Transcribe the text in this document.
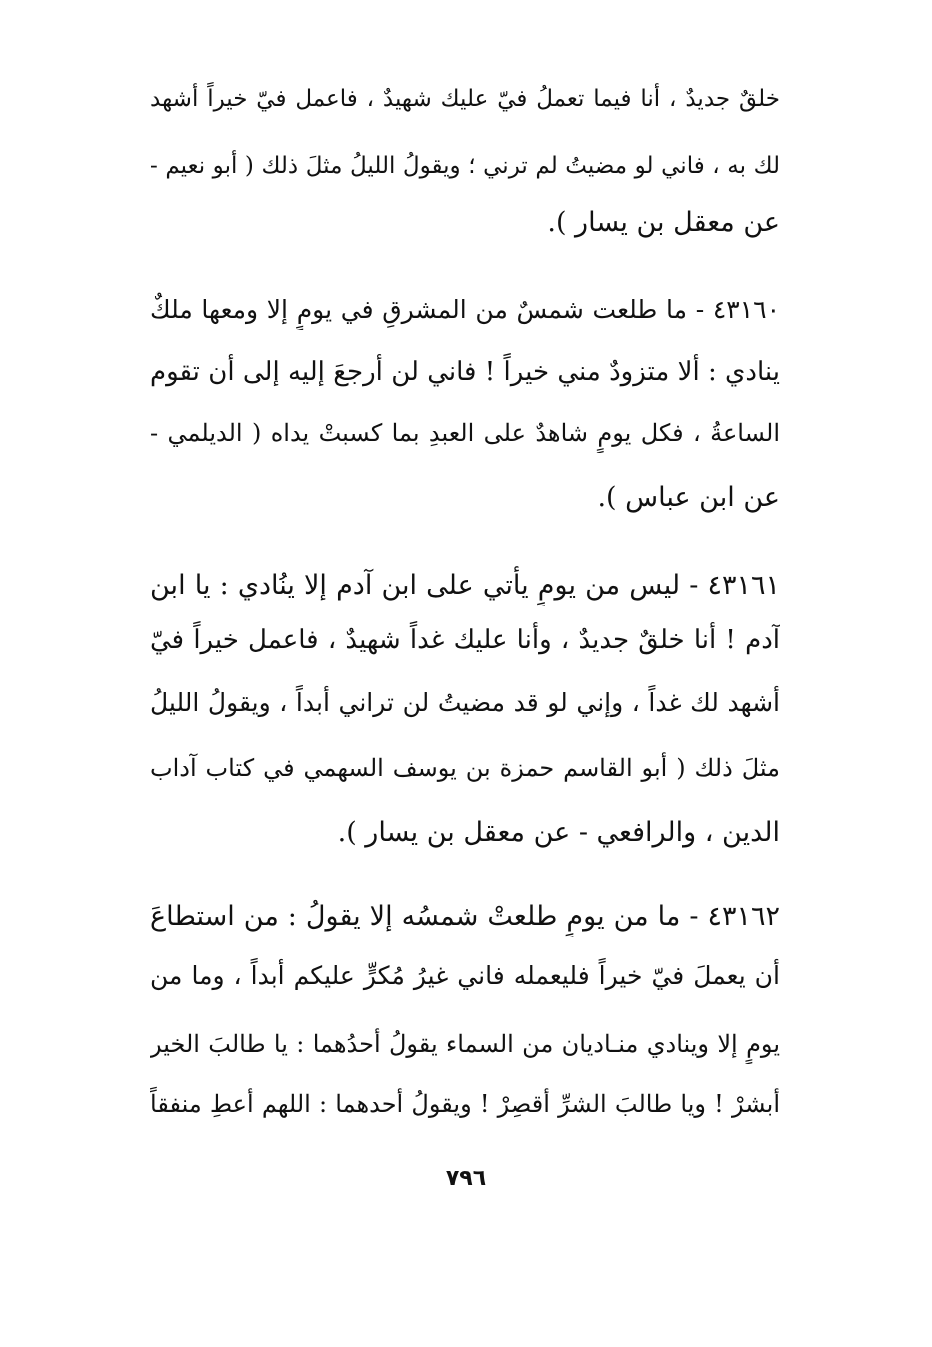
خلقٌ جديدٌ ، أنا فيما تعملُ فيّ عليك شهيدٌ ، فاعمل فيّ خيراً أشهد
لك به ، فاني لو مضيتُ لم ترني ؛ ويقولُ الليلُ مثلَ ذلك ( أبو نعيم -
عن معقل بن يسار ).
٤٣١٦٠ - ما طلعت شمسٌ من المشرقِ في يومٍ إلا ومعها ملكٌ
ينادي : ألا متزودٌ مني خيراً ! فاني لن أرجعَ إليه إلى أن تقوم
الساعةُ ، فكل يومٍ شاهدٌ على العبدِ بما كسبتْ يداه ( الديلمي -
عن ابن عباس ).
٤٣١٦١ - ليس من يومٍ يأتي على ابن آدم إلا ينُادي : يا ابن
آدم ! أنا خلقٌ جديدٌ ، وأنا عليك غداً شهيدٌ ، فاعمل خيراً فيّ
أشهد لك غداً ، وإني لو قد مضيتُ لن تراني أبداً ، ويقولُ الليلُ
مثلَ ذلك ( أبو القاسم حمزة بن يوسف السهمي في كتاب آداب
الدين ، والرافعي - عن معقل بن يسار ).
٤٣١٦٢ - ما من يومٍ طلعتْ شمسُه إلا يقولُ : من استطاعَ
أن يعملَ فيّ خيراً فليعمله فاني غيرُ مُكرٍّ عليكم أبداً ، وما من
يومٍ إلا وينادي منـاديان من السماء يقولُ أحدُهما : يا طالبَ الخير
أبشرْ ! ويا طالبَ الشرِّ أقصِرْ ! ويقولُ أحدهما : اللهم أعطِ منفقاً
٧٩٦
